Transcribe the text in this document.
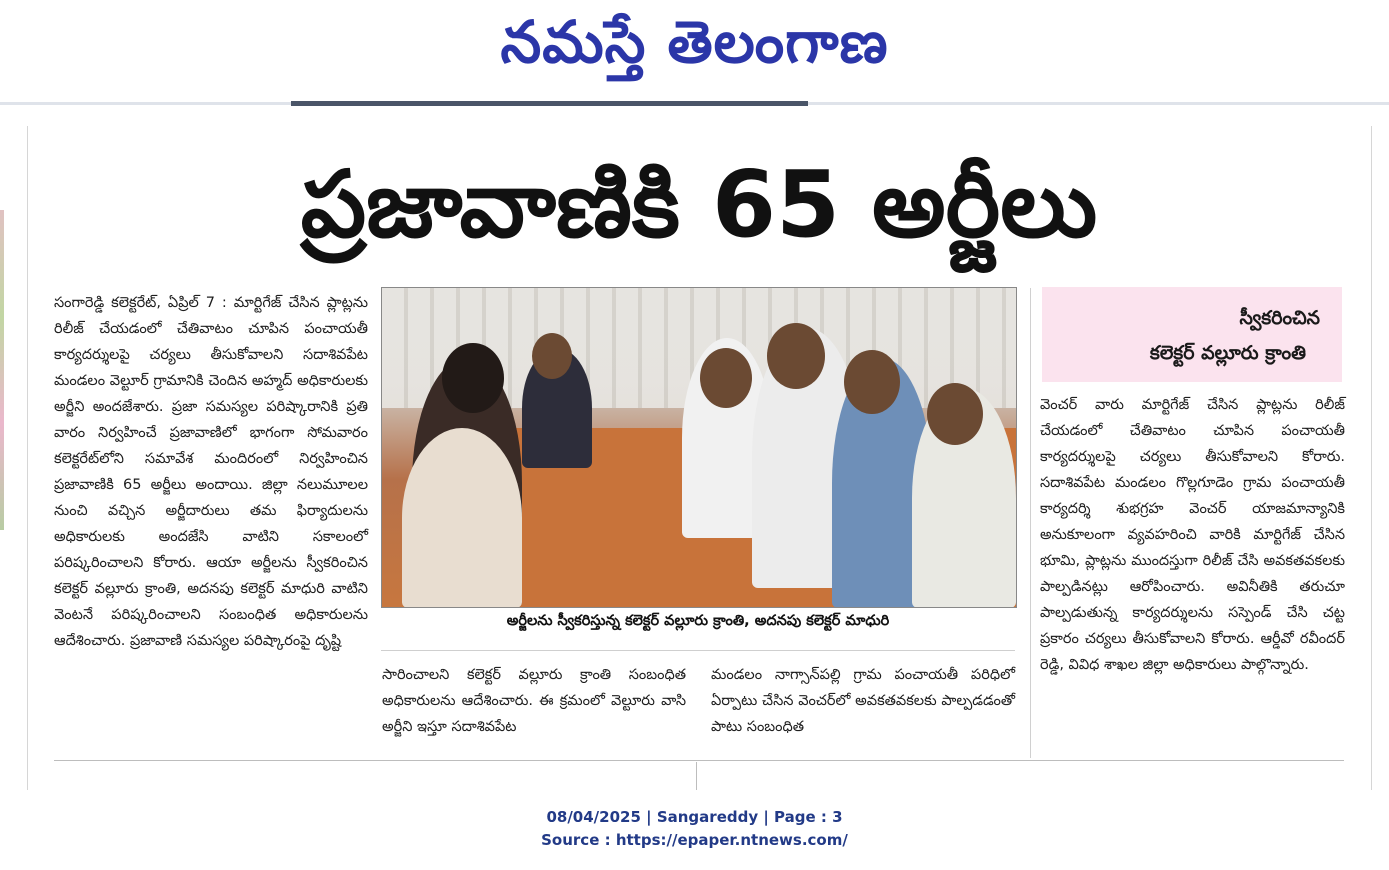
నమస్తే తెలంగాణ
ప్రజావాణికి 65 అర్జీలు
సంగారెడ్డి కలెక్టరేట్, ఏప్రిల్ 7 : మార్టిగేజ్ చేసిన ప్లాట్లను రిలీజ్ చేయడంలో చేతివాటం చూపిన పంచాయతీ కార్యదర్శులపై చర్యలు తీసుకోవాలని సదాశివపేట మండలం వెల్టూర్ గ్రామానికి చెందిన అహ్మద్ అధికారులకు అర్జీని అందజేశారు. ప్రజా సమస్యల పరిష్కారానికి ప్రతి వారం నిర్వహించే ప్రజావాణిలో భాగంగా సోమవారం కలెక్టరేట్‌లోని సమావేశ మందిరంలో నిర్వహించిన ప్రజావాణికి 65 అర్జీలు అందాయి. జిల్లా నలుమూలల నుంచి వచ్చిన అర్జీదారులు తమ ఫిర్యాదులను అధికారులకు అందజేసి వాటిని సకాలంలో పరిష్కరించాలని కోరారు. ఆయా అర్జీలను స్వీకరించిన కలెక్టర్ వల్లూరు క్రాంతి, అదనపు కలెక్టర్ మాధురి వాటిని వెంటనే పరిష్కరించాలని సంబంధిత అధికారులను ఆదేశించారు. ప్రజావాణి సమస్యల పరిష్కారంపై దృష్టి
అర్జీలను స్వీకరిస్తున్న కలెక్టర్ వల్లూరు క్రాంతి, అదనపు కలెక్టర్ మాధురి
స్వీకరించిన
కలెక్టర్ వల్లూరు క్రాంతి
వెంచర్ వారు మార్టిగేజ్ చేసిన ప్లాట్లను రిలీజ్ చేయడంలో చేతివాటం చూపిన పంచాయతీ కార్యదర్శులపై చర్యలు తీసుకోవాలని కోరారు. సదాశివపేట మండలం గొల్లగూడెం గ్రామ పంచాయతీ కార్యదర్శి శుభగ్రహ వెంచర్ యాజమాన్యానికి అనుకూలంగా వ్యవహరించి వారికి మార్టిగేజ్ చేసిన భూమి, ప్లాట్లను ముందస్తుగా రిలీజ్ చేసి అవకతవకలకు పాల్పడినట్లు ఆరోపించారు. అవినీతికి తరుచూ పాల్పడుతున్న కార్యదర్శులను సస్పెండ్ చేసి చట్ట ప్రకారం చర్యలు తీసుకోవాలని కోరారు. ఆర్డీవో రవీందర్ రెడ్డి, వివిధ శాఖల జిల్లా అధికారులు పాల్గొన్నారు.
సారించాలని కలెక్టర్ వల్లూరు క్రాంతి సంబంధిత అధికారులను ఆదేశించారు. ఈ క్రమంలో వెల్టూరు వాసి అర్జీని ఇస్తూ సదాశివపేట
మండలం నాగ్సాన్‌పల్లి గ్రామ పంచాయతీ పరిధిలో ఏర్పాటు చేసిన వెంచర్‌లో అవకతవకలకు పాల్పడడంతో పాటు సంబంధిత
08/04/2025 | Sangareddy | Page : 3
Source : https://epaper.ntnews.com/
